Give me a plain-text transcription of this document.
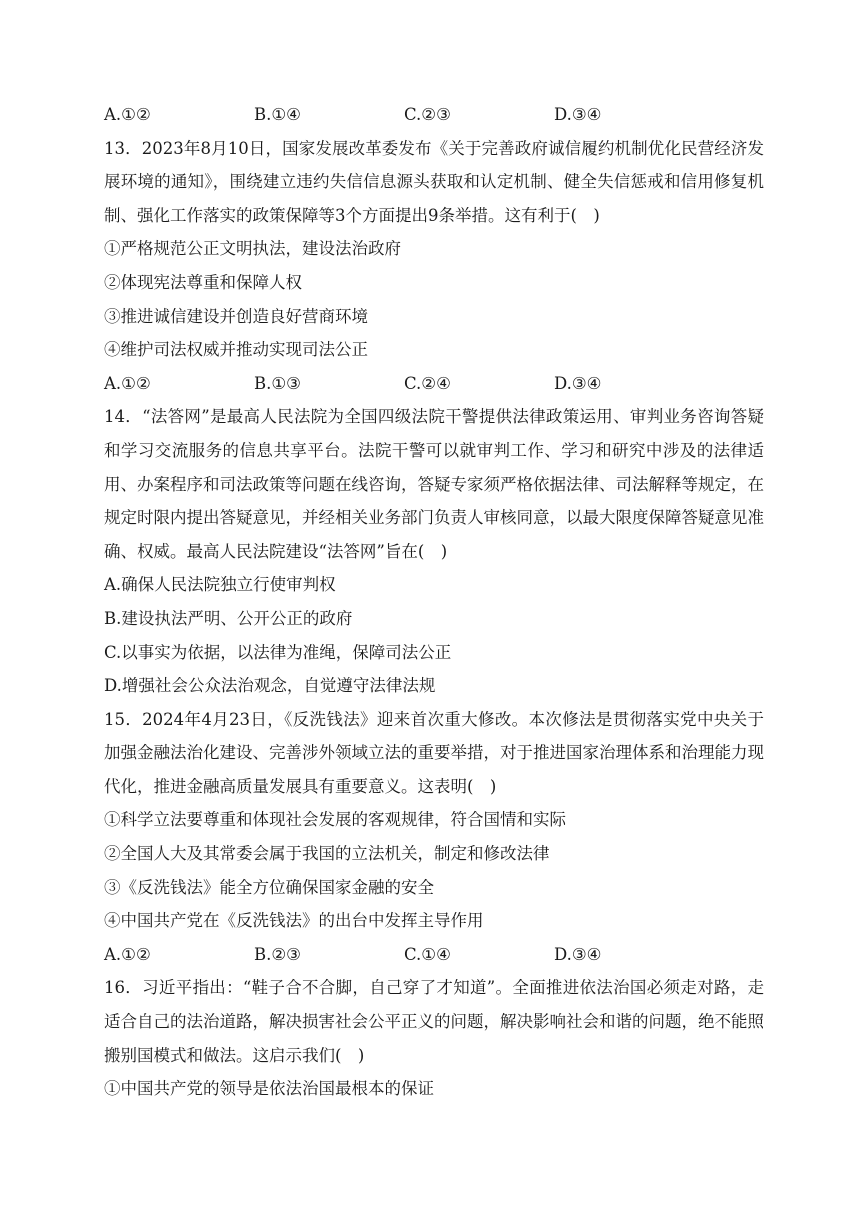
A.①②	B.①④	C.②③	D.③④
13．2023年8月10日，国家发展改革委发布《关于完善政府诚信履约机制优化民营经济发展环境的通知》，围绕建立违约失信信息源头获取和认定机制、健全失信惩戒和信用修复机制、强化工作落实的政策保障等3个方面提出9条举措。这有利于(　)
①严格规范公正文明执法，建设法治政府
②体现宪法尊重和保障人权
③推进诚信建设并创造良好营商环境
④维护司法权威并推动实现司法公正
A.①②	B.①③	C.②④	D.③④
14．“法答网”是最高人民法院为全国四级法院干警提供法律政策运用、审判业务咨询答疑和学习交流服务的信息共享平台。法院干警可以就审判工作、学习和研究中涉及的法律适用、办案程序和司法政策等问题在线咨询，答疑专家须严格依据法律、司法解释等规定，在规定时限内提出答疑意见，并经相关业务部门负责人审核同意，以最大限度保障答疑意见准确、权威。最高人民法院建设“法答网”旨在(　)
A.确保人民法院独立行使审判权
B.建设执法严明、公开公正的政府
C.以事实为依据，以法律为准绳，保障司法公正
D.增强社会公众法治观念，自觉遵守法律法规
15．2024年4月23日，《反洗钱法》迎来首次重大修改。本次修法是贯彻落实党中央关于加强金融法治化建设、完善涉外领域立法的重要举措，对于推进国家治理体系和治理能力现代化，推进金融高质量发展具有重要意义。这表明(　)
①科学立法要尊重和体现社会发展的客观规律，符合国情和实际
②全国人大及其常委会属于我国的立法机关，制定和修改法律
③《反洗钱法》能全方位确保国家金融的安全
④中国共产党在《反洗钱法》的出台中发挥主导作用
A.①②	B.②③	C.①④	D.③④
16．习近平指出：“鞋子合不合脚，自己穿了才知道”。全面推进依法治国必须走对路，走适合自己的法治道路，解决损害社会公平正义的问题，解决影响社会和谐的问题，绝不能照搬别国模式和做法。这启示我们(　)
①中国共产党的领导是依法治国最根本的保证
